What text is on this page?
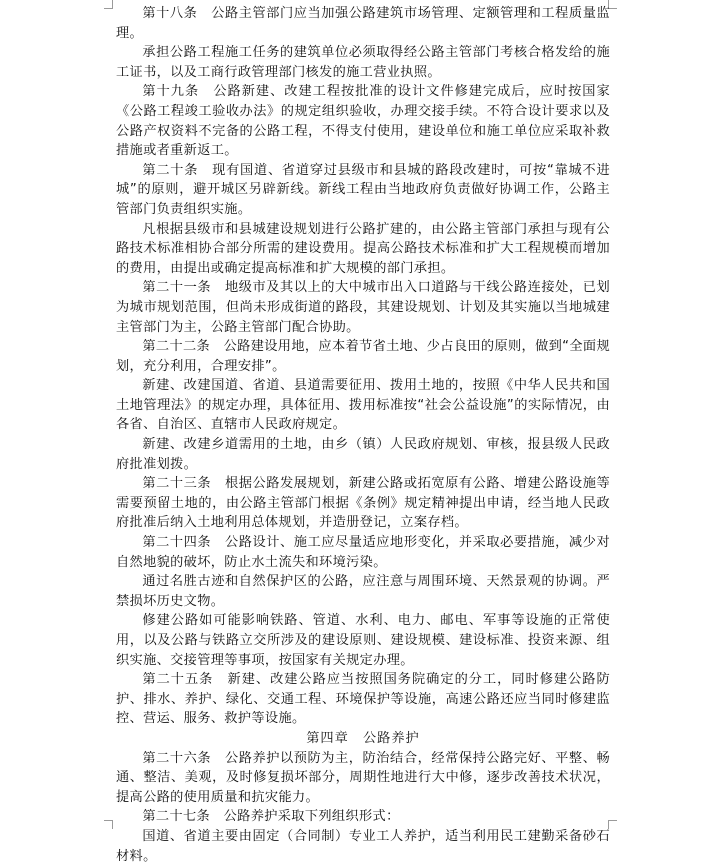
第十八条　公路主管部门应当加强公路建筑市场管理、定额管理和工程质量监理。

承担公路工程施工任务的建筑单位必须取得经公路主管部门考核合格发给的施工证书，以及工商行政管理部门核发的施工营业执照。

第十九条　公路新建、改建工程按批准的设计文件修建完成后，应时按国家《公路工程竣工验收办法》的规定组织验收，办理交接手续。不符合设计要求以及公路产权资料不完备的公路工程，不得支付使用，建设单位和施工单位应采取补救措施或者重新返工。

第二十条　现有国道、省道穿过县级市和县城的路段改建时，可按“靠城不进城”的原则，避开城区另辟新线。新线工程由当地政府负责做好协调工作，公路主管部门负责组织实施。

凡根据县级市和县城建设规划进行公路扩建的，由公路主管部门承担与现有公路技术标准相协合部分所需的建设费用。提高公路技术标准和扩大工程规模而增加的费用，由提出或确定提高标准和扩大规模的部门承担。

第二十一条　地级市及其以上的大中城市出入口道路与干线公路连接处，已划为城市规划范围，但尚未形成街道的路段，其建设规划、计划及其实施以当地城建主管部门为主，公路主管部门配合协助。

第二十二条　公路建设用地，应本着节省土地、少占良田的原则，做到“全面规划，充分利用，合理安排”。

新建、改建国道、省道、县道需要征用、拨用土地的，按照《中华人民共和国土地管理法》的规定办理，具体征用、拨用标准按“社会公益设施”的实际情况，由各省、自治区、直辖市人民政府规定。

新建、改建乡道需用的土地，由乡（镇）人民政府规划、审核，报县级人民政府批准划拨。

第二十三条　根据公路发展规划，新建公路或拓宽原有公路、增建公路设施等需要预留土地的，由公路主管部门根据《条例》规定精神提出申请，经当地人民政府批准后纳入土地利用总体规划，并造册登记，立案存档。

第二十四条　公路设计、施工应尽量适应地形变化，并采取必要措施，减少对自然地貌的破坏，防止水土流失和环境污染。

通过名胜古迹和自然保护区的公路，应注意与周围环境、天然景观的协调。严禁损坏历史文物。

修建公路如可能影响铁路、管道、水利、电力、邮电、军事等设施的正常使用，以及公路与铁路立交所涉及的建设原则、建设规模、建设标准、投资来源、组织实施、交接管理等事项，按国家有关规定办理。

第二十五条　新建、改建公路应当按照国务院确定的分工，同时修建公路防护、排水、养护、绿化、交通工程、环境保护等设施，高速公路还应当同时修建监控、营运、服务、救护等设施。

第四章　公路养护

第二十六条　公路养护以预防为主，防治结合，经常保持公路完好、平整、畅通、整洁、美观，及时修复损坏部分，周期性地进行大中修，逐步改善技术状况，提高公路的使用质量和抗灾能力。

第二十七条　公路养护采取下列组织形式：

国道、省道主要由固定（合同制）专业工人养护，适当利用民工建勤采备砂石材料。
